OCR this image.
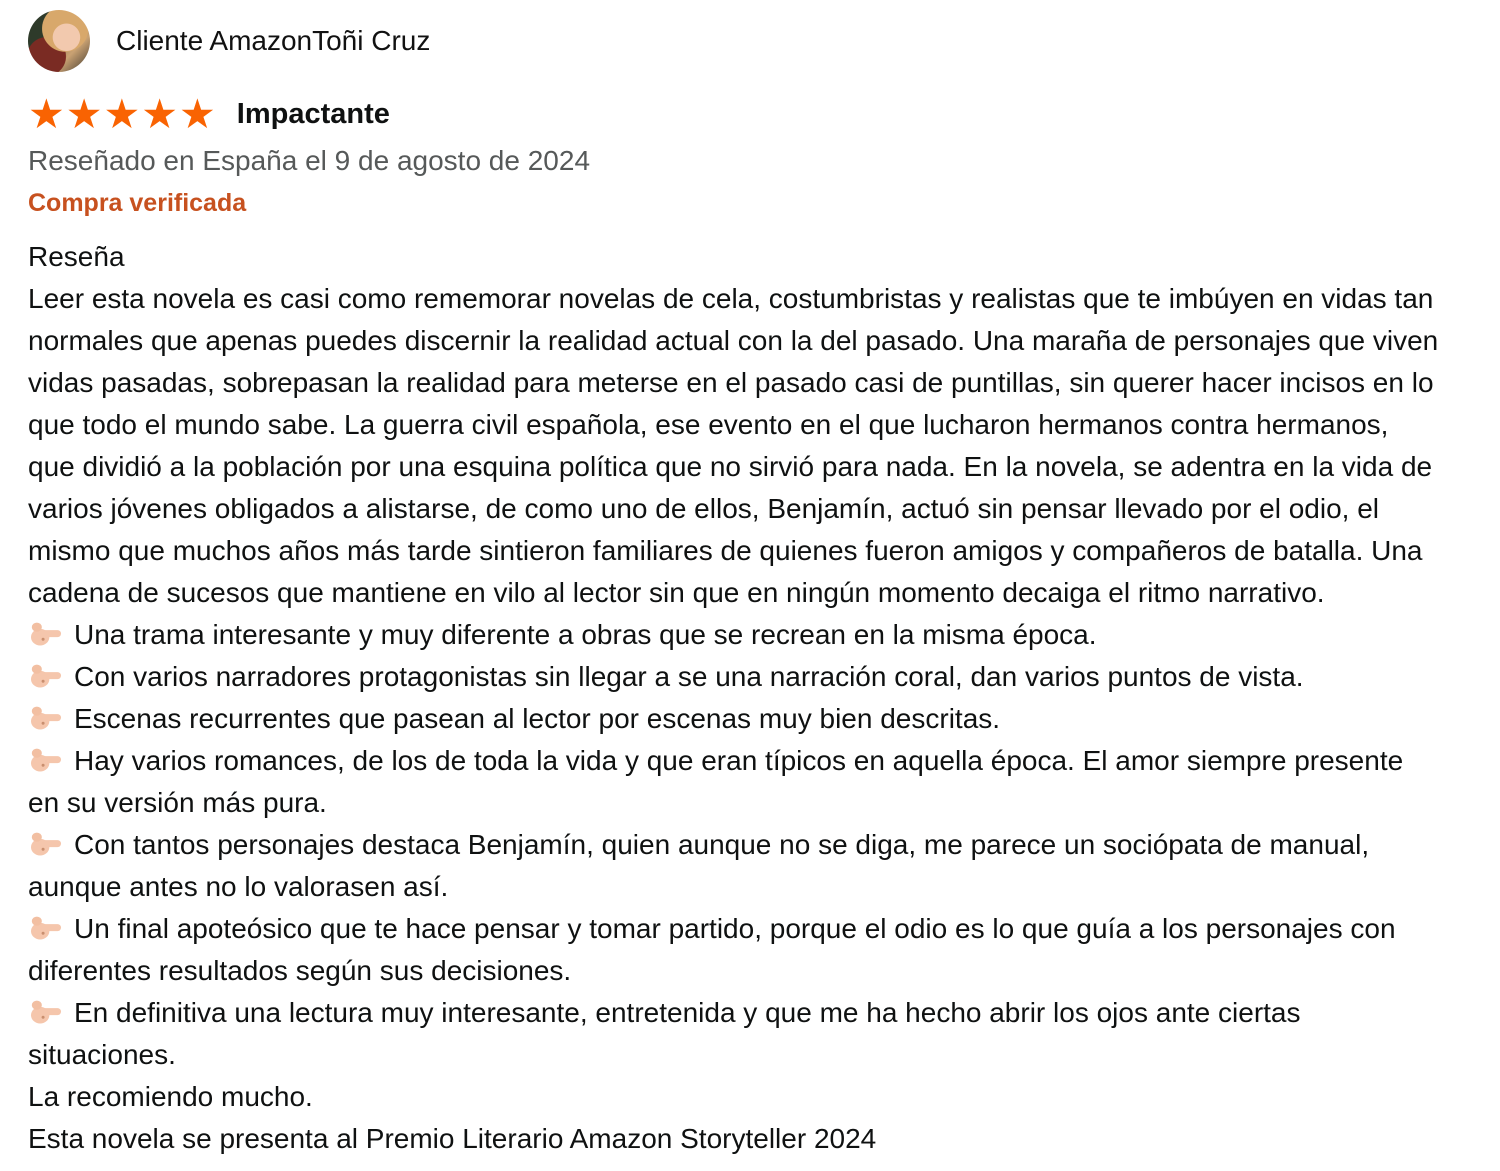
Cliente AmazonToñi Cruz
★★★★★ Impactante
Reseñado en España el 9 de agosto de 2024
Compra verificada

Reseña

Leer esta novela es casi como rememorar novelas de cela, costumbristas y realistas que te imbúyen en vidas tan normales que apenas puedes discernir la realidad actual con la del pasado. Una maraña de personajes que viven vidas pasadas, sobrepasan la realidad para meterse en el pasado casi de puntillas, sin querer hacer incisos en lo que todo el mundo sabe. La guerra civil española, ese evento en el que lucharon hermanos contra hermanos, que dividió a la población por una esquina política que no sirvió para nada. En la novela, se adentra en la vida de varios jóvenes obligados a alistarse, de como uno de ellos, Benjamín, actuó sin pensar llevado por el odio, el mismo que muchos años más tarde sintieron familiares de quienes fueron amigos y compañeros de batalla. Una cadena de sucesos que mantiene en vilo al lector sin que en ningún momento decaiga el ritmo narrativo.

Una trama interesante y muy diferente a obras que se recrean en la misma época.

Con varios narradores protagonistas sin llegar a se una narración coral, dan varios puntos de vista.

Escenas recurrentes que pasean al lector por escenas muy bien descritas.

Hay varios romances, de los de toda la vida y que eran típicos en aquella época. El amor siempre presente en su versión más pura.

Con tantos personajes destaca Benjamín, quien aunque no se diga, me parece un sociópata de manual, aunque antes no lo valorasen así.

Un final apoteósico que te hace pensar y tomar partido, porque el odio es lo que guía a los personajes con diferentes resultados según sus decisiones.

En definitiva una lectura muy interesante, entretenida y que me ha hecho abrir los ojos ante ciertas situaciones.

La recomiendo mucho.

Esta novela se presenta al Premio Literario Amazon Storyteller 2024
